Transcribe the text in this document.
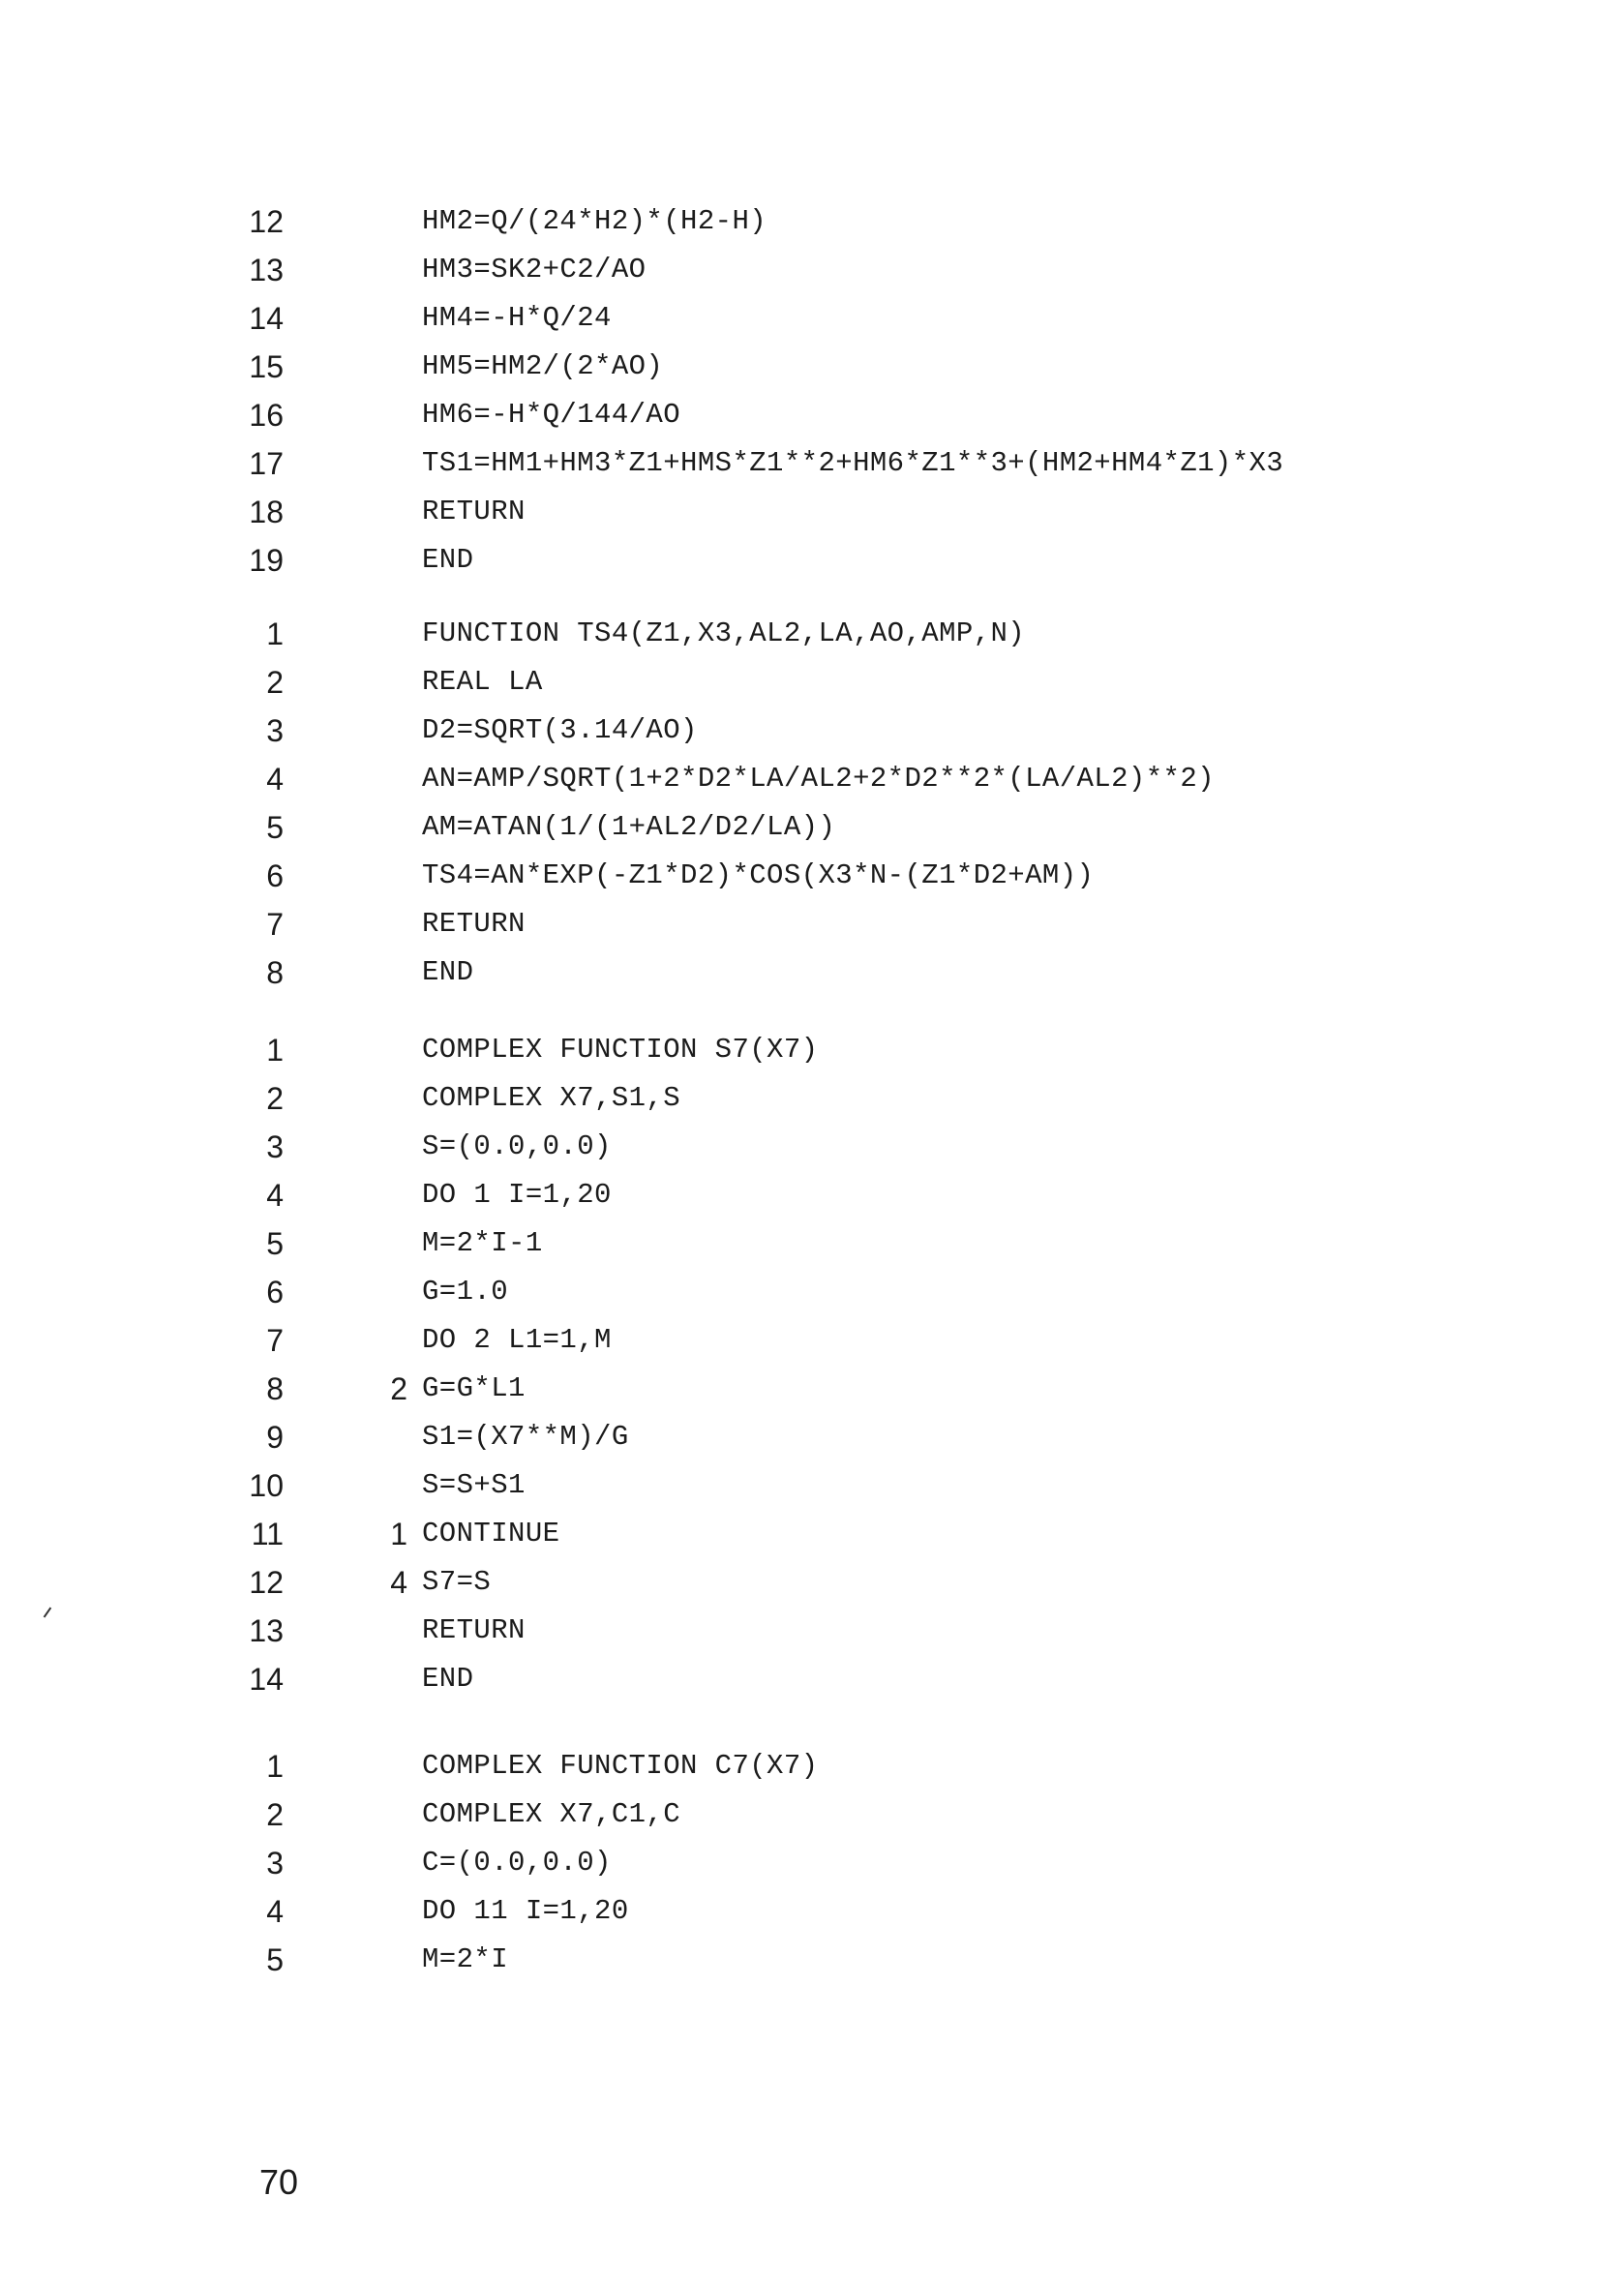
12	HM2=Q/(24*H2)*(H2-H)
13	HM3=SK2+C2/AO
14	HM4=-H*Q/24
15	HM5=HM2/(2*AO)
16	HM6=-H*Q/144/AO
17	TS1=HM1+HM3*Z1+HMS*Z1**2+HM6*Z1**3+(HM2+HM4*Z1)*X3
18	RETURN
19	END
1	FUNCTION TS4(Z1,X3,AL2,LA,AO,AMP,N)
2	REAL LA
3	D2=SQRT(3.14/AO)
4	AN=AMP/SQRT(1+2*D2*LA/AL2+2*D2**2*(LA/AL2)**2)
5	AM=ATAN(1/(1+AL2/D2/LA))
6	TS4=AN*EXP(-Z1*D2)*COS(X3*N-(Z1*D2+AM))
7	RETURN
8	END
1	COMPLEX FUNCTION S7(X7)
2	COMPLEX X7,S1,S
3	S=(0.0,0.0)
4	DO 1 I=1,20
5	M=2*I-1
6	G=1.0
7	DO 2 L1=1,M
8	2 G=G*L1
9	S1=(X7**M)/G
10	S=S+S1
11	1 CONTINUE
12	4 S7=S
13	RETURN
14	END
1	COMPLEX FUNCTION C7(X7)
2	COMPLEX X7,C1,C
3	C=(0.0,0.0)
4	DO 11 I=1,20
5	M=2*I
70
